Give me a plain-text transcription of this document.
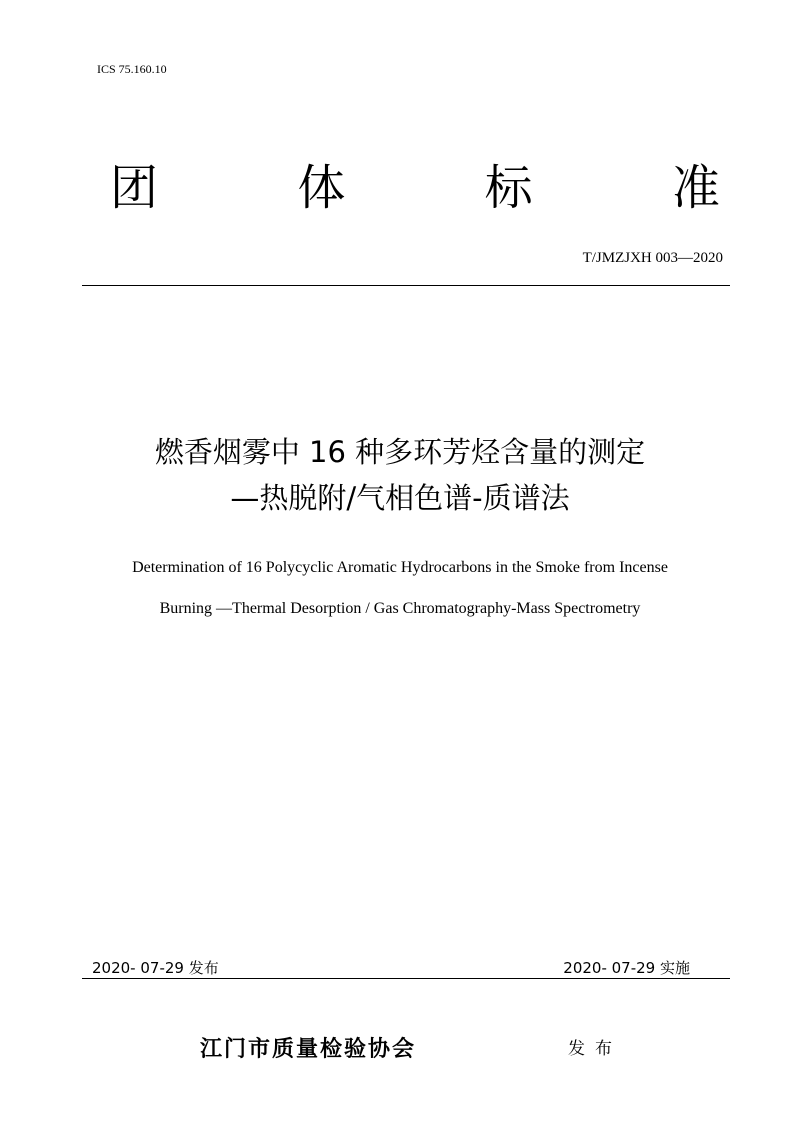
ICS 75.160.10
团	体	标	准
T/JMZJXH 003—2020
燃香烟雾中 16 种多环芳烃含量的测定
—热脱附/气相色谱-质谱法
Determination of 16 Polycyclic Aromatic Hydrocarbons in the Smoke from Incense
Burning —Thermal Desorption / Gas Chromatography-Mass Spectrometry
2020- 07-29 发布	2020- 07-29 实施
江门市质量检验协会	发布
